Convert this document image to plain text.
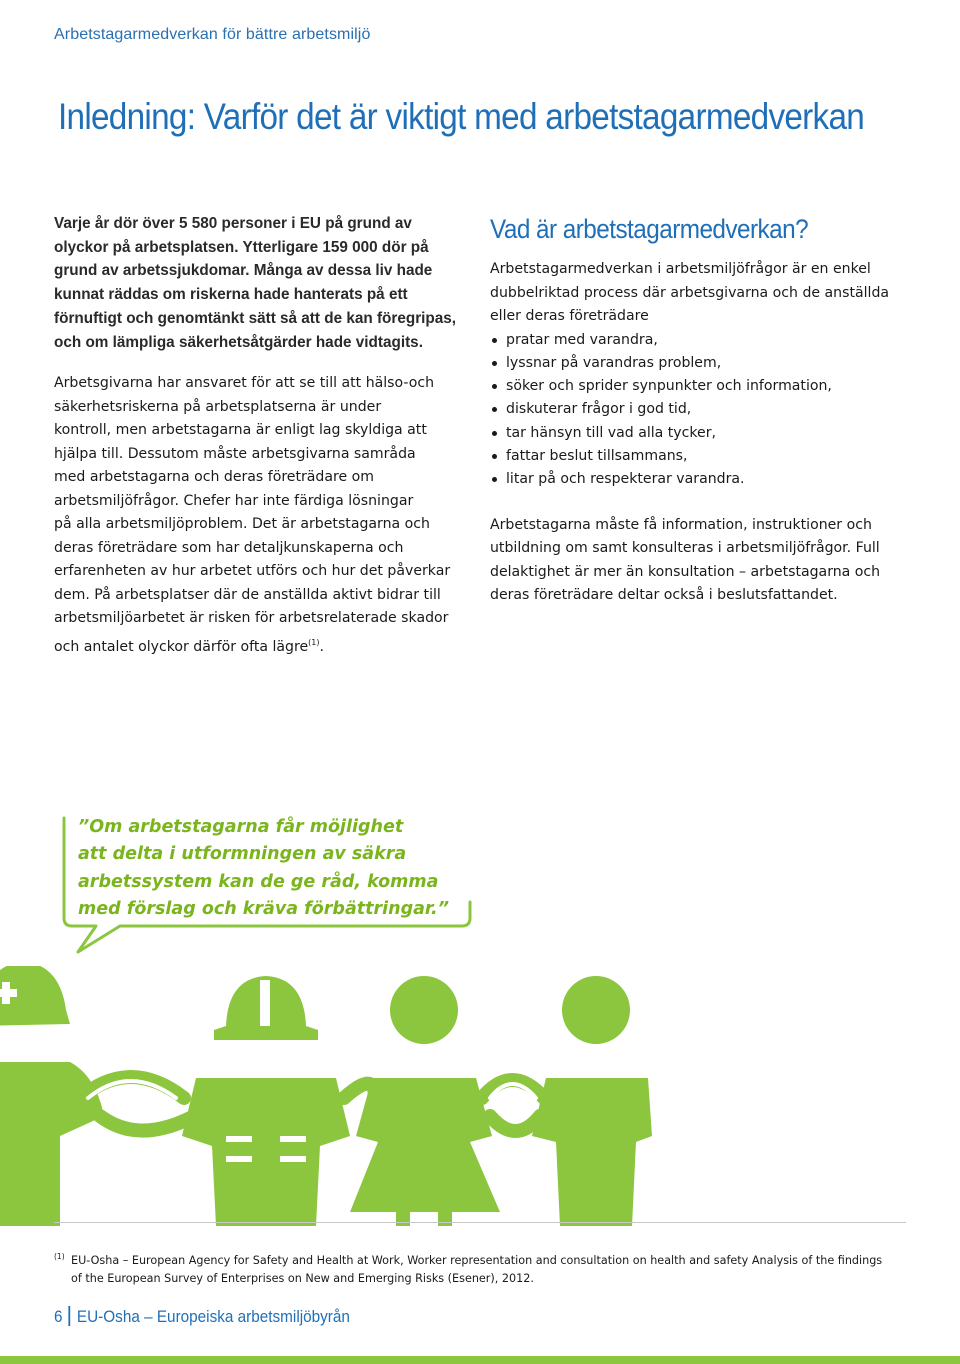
Arbetstagarmedverkan för bättre arbetsmiljö
Inledning: Varför det är viktigt med arbetstagarmedverkan

Varje år dör över 5 580 personer i EU på grund av
olyckor på arbetsplatsen. Ytterligare 159 000 dör på
grund av arbetssjukdomar. Många av dessa liv hade
kunnat räddas om riskerna hade hanterats på ett
förnuftigt och genomtänkt sätt så att de kan föregripas,
och om lämpliga säkerhetsåtgärder hade vidtagits.

Arbetsgivarna har ansvaret för att se till att hälso-och
säkerhetsriskerna på arbetsplatserna är under
kontroll, men arbetstagarna är enligt lag skyldiga att
hjälpa till. Dessutom måste arbetsgivarna samråda
med arbetstagarna och deras företrädare om
arbetsmiljöfrågor. Chefer har inte färdiga lösningar
på alla arbetsmiljöproblem. Det är arbetstagarna och
deras företrädare som har detaljkunskaperna och
erfarenheten av hur arbetet utförs och hur det påverkar
dem. På arbetsplatser där de anställda aktivt bidrar till
arbetsmiljöarbetet är risken för arbetsrelaterade skador
och antalet olyckor därför ofta lägre$^{(1)}$.

Vad är arbetstagarmedverkan?

Arbetstagarmedverkan i arbetsmiljöfrågor är en enkel
dubbelriktad process där arbetsgivarna och de anställda
eller deras företrädare

pratar med varandra,
lyssnar på varandras problem,
söker och sprider synpunkter och information,
diskuterar frågor i god tid,
tar hänsyn till vad alla tycker,
fattar beslut tillsammans,
litar på och respekterar varandra.

Arbetstagarna måste få information, instruktioner och
utbildning om samt konsulteras i arbetsmiljöfrågor. Full
delaktighet är mer än konsultation – arbetstagarna och
deras företrädare deltar också i beslutsfattandet.

”Om arbetstagarna får möjlighet
att delta i utformningen av säkra
arbetssystem kan de ge råd, komma
med förslag och kräva förbättringar.”

(1) EU-Osha – European Agency for Safety and Health at Work, Worker representation and consultation on health and safety Analysis of the findings
of the European Survey of Enterprises on New and Emerging Risks (Esener), 2012.
6 EU-Osha – Europeiska arbetsmiljöbyrån
